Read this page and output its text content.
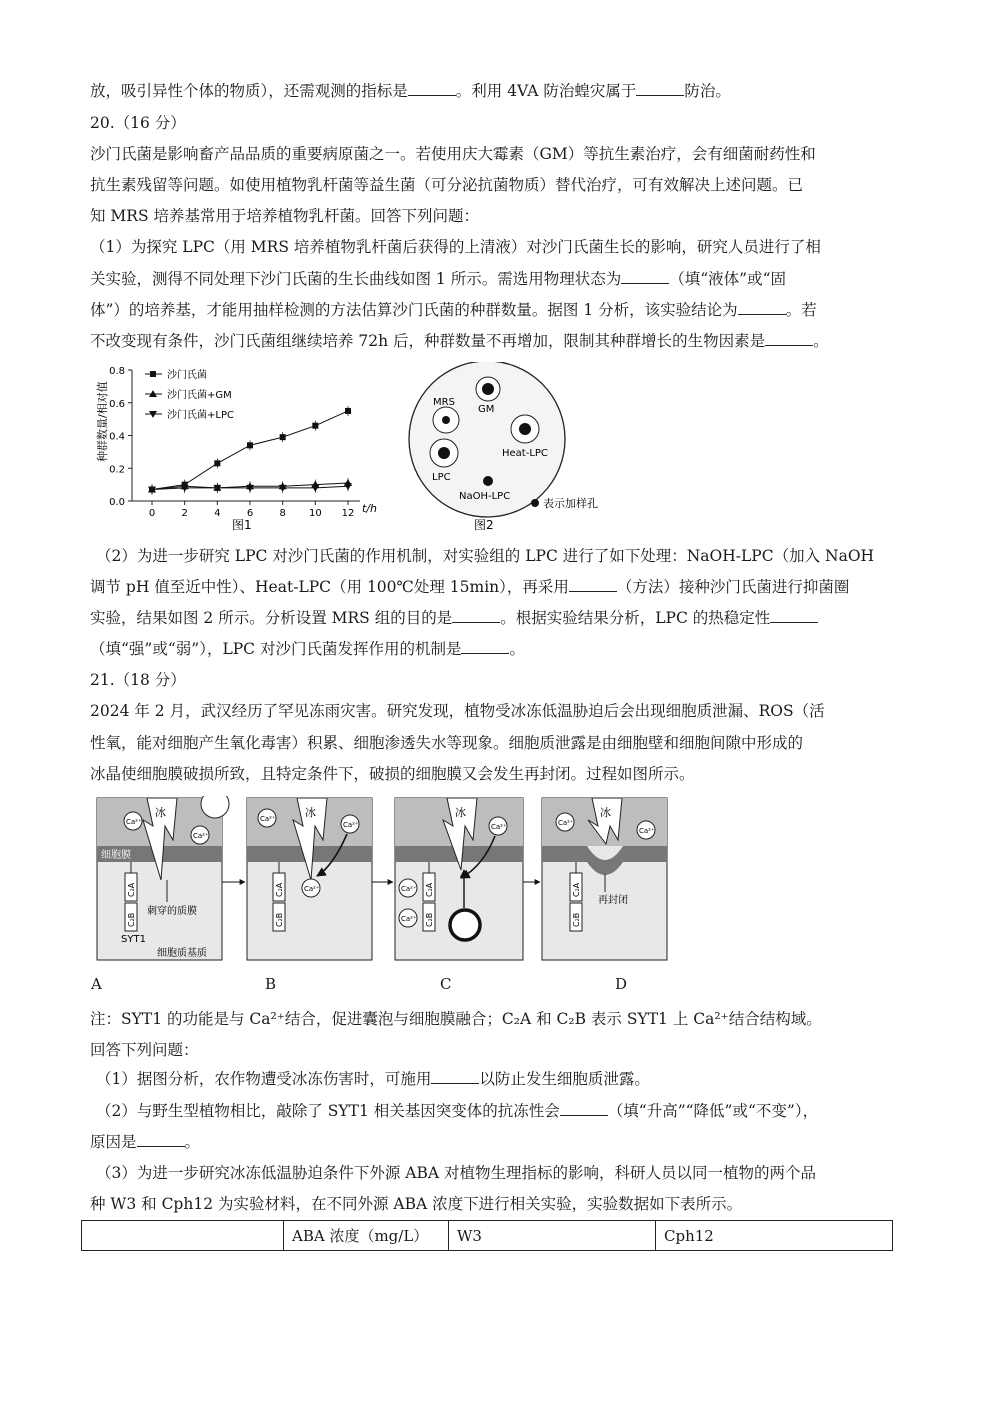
放，吸引异性个体的物质），还需观测的指标是	。利用 4VA 防治蝗灾属于	防治。
20.（16 分）
沙门氏菌是影响畜产品品质的重要病原菌之一。若使用庆大霉素（GM）等抗生素治疗，会有细菌耐药性和
抗生素残留等问题。如使用植物乳杆菌等益生菌（可分泌抗菌物质）替代治疗，可有效解决上述问题。已
知 MRS 培养基常用于培养植物乳杆菌。回答下列问题：
（1）为探究 LPC（用 MRS 培养植物乳杆菌后获得的上清液）对沙门氏菌生长的影响，研究人员进行了相
关实验，测得不同处理下沙门氏菌的生长曲线如图 1 所示。需选用物理状态为	（填“液体”或“固
体”）的培养基，才能用抽样检测的方法估算沙门氏菌的种群数量。据图 1 分析，该实验结论为	。若
不改变现有条件，沙门氏菌组继续培养 72h 后，种群数量不再增加，限制其种群增长的生物因素是	。
种群数量/相对值
0.0
0.2
0.4
0.6
0.8
0	2	4	6	8 10 12
沙门氏菌
沙门氏菌+GM
沙门氏菌+LPC
t/h
图1
MRS
GM
Heat-LPC
LPC
NaOH-LPC
表示加样孔
图2
（2）为进一步研究 LPC 对沙门氏菌的作用机制，对实验组的 LPC 进行了如下处理：NaOH-LPC（加入 NaOH
调节 pH 值至近中性）、Heat-LPC（用 100℃处理 15min），再采用	（方法）接种沙门氏菌进行抑菌圈
实验，结果如图 2 所示。分析设置 MRS 组的目的是	。根据实验结果分析，LPC 的热稳定性
（填“强”或“弱”），LPC 对沙门氏菌发挥作用的机制是	。
21.（18 分）
2024 年 2 月，武汉经历了罕见冻雨灾害。研究发现，植物受冰冻低温胁迫后会出现细胞质泄漏、ROS（活
性氧，能对细胞产生氧化毒害）积累、细胞渗透失水等现象。细胞质泄露是由细胞壁和细胞间隙中形成的
冰晶使细胞膜破损所致，且特定条件下，破损的细胞膜又会发生再封闭。过程如图所示。
冰
Ca²⁺
Ca²⁺
细胞膜
C₂A
C₂B
刺穿的质膜
SYT1
细胞质基质
冰
Ca²⁺
Ca²⁺
Ca²⁺
C₂A
C₂B
冰
Ca²⁺
Ca²⁺
Ca²⁺
C₂A
C₂B
冰
Ca²⁺
Ca²⁺
C₂A
C₂B
再封闭
A	B	C	D
注：SYT1 的功能是与 Ca²⁺结合，促进囊泡与细胞膜融合；C₂A 和 C₂B 表示 SYT1 上 Ca²⁺结合结构域。
回答下列问题：
（1）据图分析，农作物遭受冰冻伤害时，可施用	以防止发生细胞质泄露。
（2）与野生型植物相比，敲除了 SYT1 相关基因突变体的抗冻性会	（填“升高”“降低”或“不变”），
原因是	。
（3）为进一步研究冰冻低温胁迫条件下外源 ABA 对植物生理指标的影响，科研人员以同一植物的两个品
种 W3 和 Cph12 为实验材料，在不同外源 ABA 浓度下进行相关实验，实验数据如下表所示。
	ABA 浓度（mg/L）	W3	Cph12
